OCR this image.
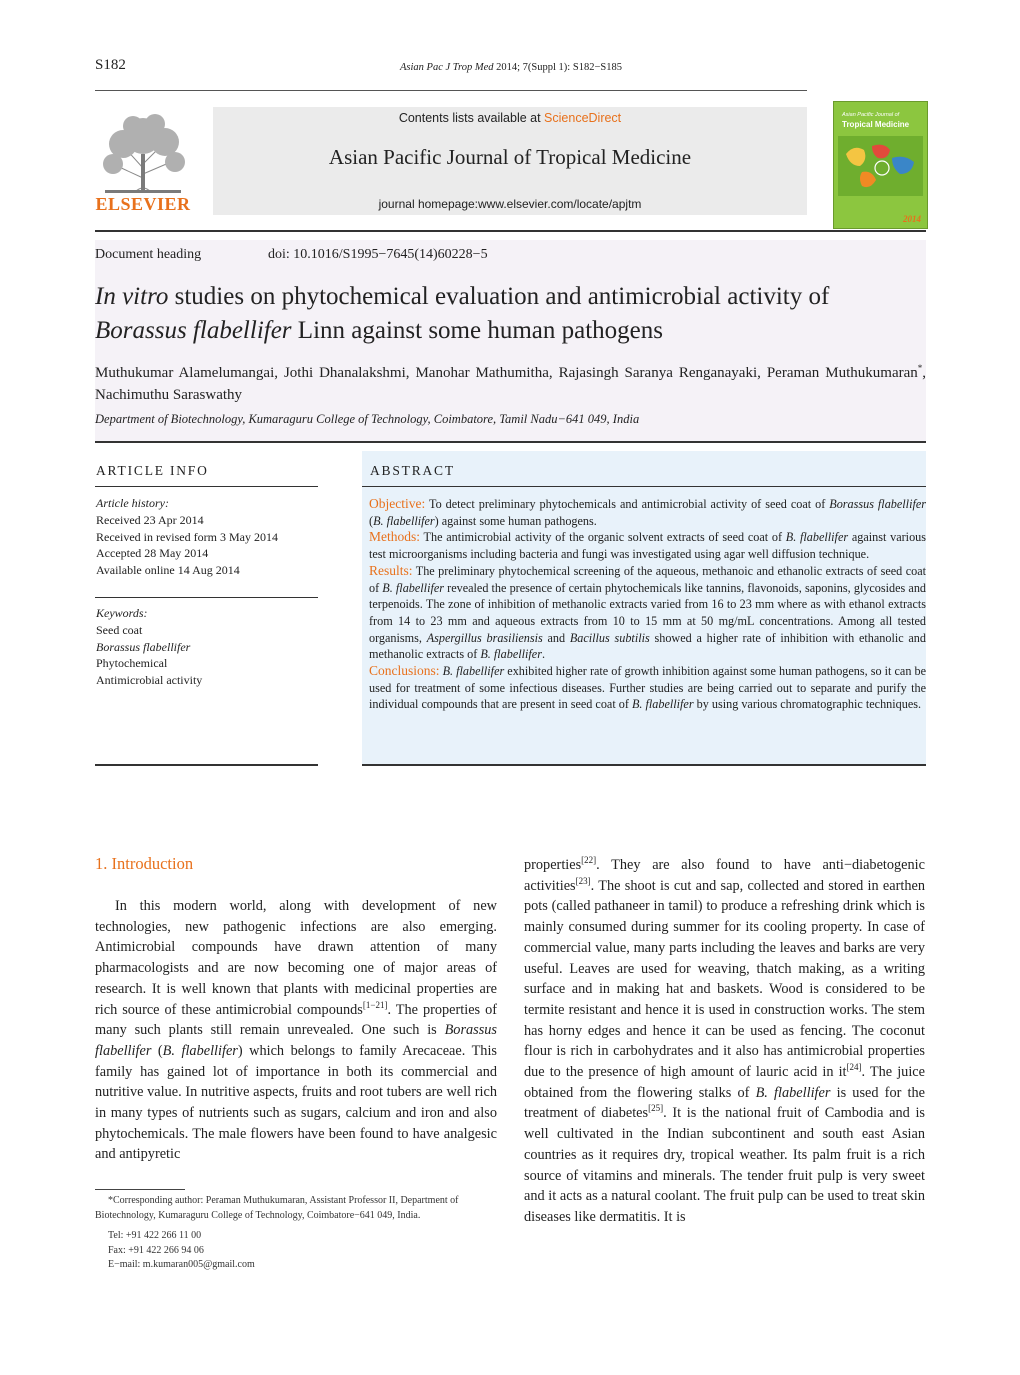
S182	Asian Pac J Trop Med 2014; 7(Suppl 1): S182−S185
ELSEVIER
Contents lists available at ScienceDirect
Asian Pacific Journal of Tropical Medicine
journal homepage:www.elsevier.com/locate/apjtm
Asian Pacific Journal of
Tropical Medicine
2014
Document heading	doi: 10.1016/S1995−7645(14)60228−5
In vitro studies on phytochemical evaluation and antimicrobial activity of
Borassus flabellifer Linn against some human pathogens
Muthukumar Alamelumangai, Jothi Dhanalakshmi, Manohar Mathumitha, Rajasingh Saranya Renganayaki, Peraman Muthukumaran*, Nachimuthu Saraswathy
Department of Biotechnology, Kumaraguru College of Technology, Coimbatore, Tamil Nadu−641 049, India
ARTICLE INFO
Article history:
Received 23 Apr 2014
Received in revised form 3 May 2014
Accepted 28 May 2014
Available online 14 Aug 2014
Keywords:
Seed coat
Borassus flabellifer
Phytochemical
Antimicrobial activity
ABSTRACT

Objective: To detect preliminary phytochemicals and antimicrobial activity of seed coat of Borassus flabellifer (B. flabellifer) against some human pathogens.

Methods: The antimicrobial activity of the organic solvent extracts of seed coat of B. flabellifer against various test microorganisms including bacteria and fungi was investigated using agar well diffusion technique.

Results: The preliminary phytochemical screening of the aqueous, methanoic and ethanolic extracts of seed coat of B. flabellifer revealed the presence of certain phytochemicals like tannins, flavonoids, saponins, glycosides and terpenoids. The zone of inhibition of methanolic extracts varied from 16 to 23 mm where as with ethanol extracts from 14 to 23 mm and aqueous extracts from 10 to 15 mm at 50 mg/mL concentrations. Among all tested organisms, Aspergillus brasiliensis and Bacillus subtilis showed a higher rate of inhibition with ethanolic and methanolic extracts of B. flabellifer.

Conclusions: B. flabellifer exhibited higher rate of growth inhibition against some human pathogens, so it can be used for treatment of some infectious diseases. Further studies are being carried out to separate and purify the individual compounds that are present in seed coat of B. flabellifer by using various chromatographic techniques.

1. Introduction

In this modern world, along with development of new technologies, new pathogenic infections are also emerging. Antimicrobial compounds have drawn attention of many pharmacologists and are now becoming one of major areas of research. It is well known that plants with medicinal properties are rich source of these antimicrobial compounds[1−21]. The properties of many such plants still remain unrevealed. One such is Borassus flabellifer (B. flabellifer) which belongs to family Arecaceae. This family has gained lot of importance in both its commercial and nutritive value. In nutritive aspects, fruits and root tubers are well rich in many types of nutrients such as sugars, calcium and iron and also phytochemicals. The male flowers have been found to have analgesic and antipyretic

properties[22]. They are also found to have anti−diabetogenic activities[23]. The shoot is cut and sap, collected and stored in earthen pots (called pathaneer in tamil) to produce a refreshing drink which is mainly consumed during summer for its cooling property. In case of commercial value, many parts including the leaves and barks are very useful. Leaves are used for weaving, thatch making, as a writing surface and in making hat and baskets. Wood is considered to be termite resistant and hence it is used in construction works. The stem has horny edges and hence it can be used as fencing. The coconut flour is rich in carbohydrates and it also has antimicrobial properties due to the presence of high amount of lauric acid in it[24]. The juice obtained from the flowering stalks of B. flabellifer is used for the treatment of diabetes[25]. It is the national fruit of Cambodia and is well cultivated in the Indian subcontinent and south east Asian countries as it requires dry, tropical weather. Its palm fruit is a rich source of vitamins and minerals. The tender fruit pulp is very sweet and it acts as a natural coolant. The fruit pulp can be used to treat skin diseases like dermatitis. It is

*Corresponding author: Peraman Muthukumaran, Assistant Professor II, Department of Biotechnology, Kumaraguru College of Technology, Coimbatore−641 049, India.

Tel: +91 422 266 11 00

Fax: +91 422 266 94 06

E−mail: m.kumaran005@gmail.com
